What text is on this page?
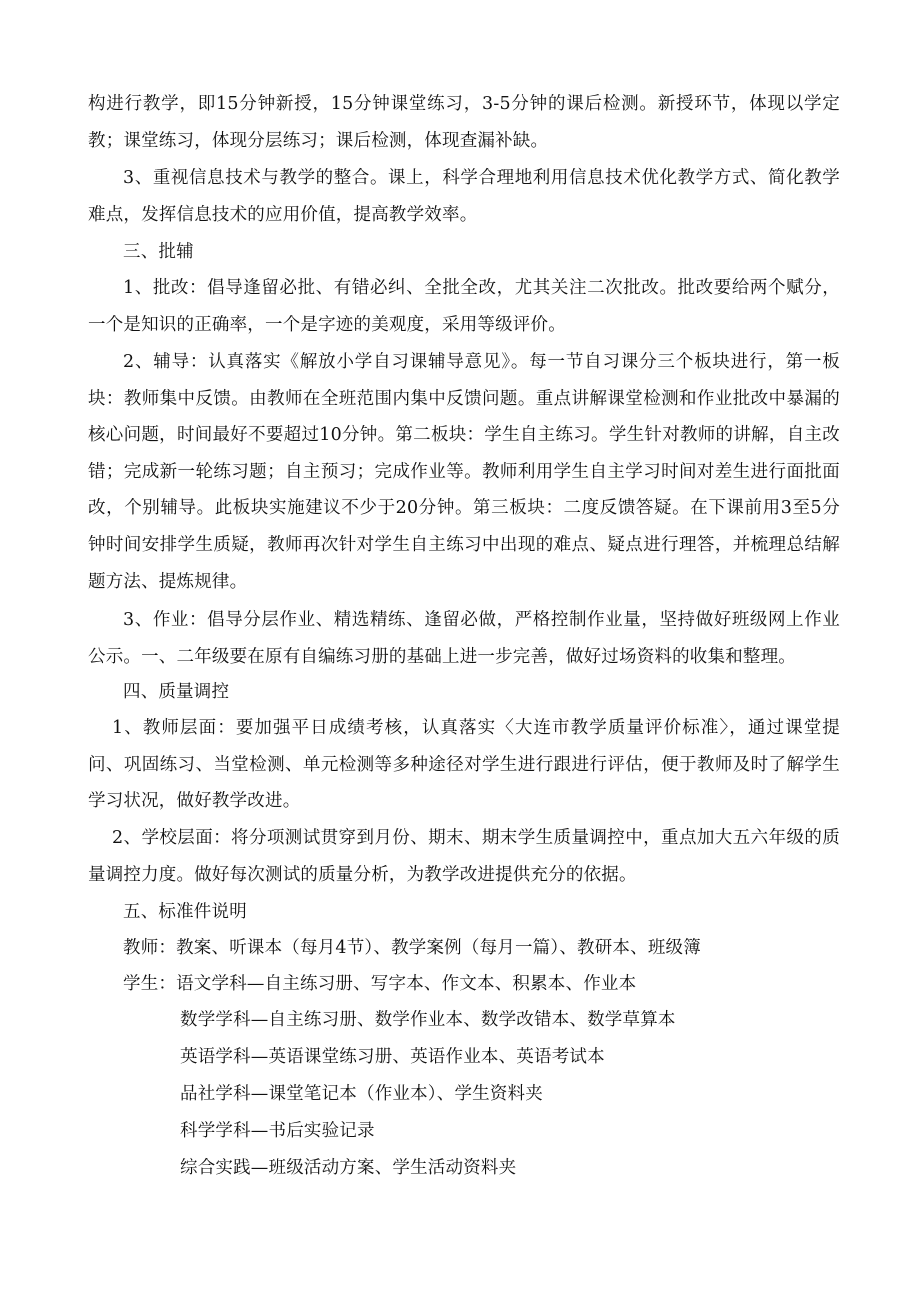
构进行教学，即15分钟新授，15分钟课堂练习，3-5分钟的课后检测。新授环节，体现以学定教；课堂练习，体现分层练习；课后检测，体现查漏补缺。

3、重视信息技术与教学的整合。课上，科学合理地利用信息技术优化教学方式、简化教学难点，发挥信息技术的应用价值，提高教学效率。

三、批辅

1、批改：倡导逢留必批、有错必纠、全批全改，尤其关注二次批改。批改要给两个赋分，一个是知识的正确率，一个是字迹的美观度，采用等级评价。

2、辅导：认真落实《解放小学自习课辅导意见》。每一节自习课分三个板块进行，第一板块：教师集中反馈。由教师在全班范围内集中反馈问题。重点讲解课堂检测和作业批改中暴漏的核心问题，时间最好不要超过10分钟。第二板块：学生自主练习。学生针对教师的讲解，自主改错；完成新一轮练习题；自主预习；完成作业等。教师利用学生自主学习时间对差生进行面批面改，个别辅导。此板块实施建议不少于20分钟。第三板块：二度反馈答疑。在下课前用3至5分钟时间安排学生质疑，教师再次针对学生自主练习中出现的难点、疑点进行理答，并梳理总结解题方法、提炼规律。

3、作业：倡导分层作业、精选精练、逢留必做，严格控制作业量，坚持做好班级网上作业公示。一、二年级要在原有自编练习册的基础上进一步完善，做好过场资料的收集和整理。

四、质量调控

1、教师层面：要加强平日成绩考核，认真落实〈大连市教学质量评价标准〉，通过课堂提问、巩固练习、当堂检测、单元检测等多种途径对学生进行跟进行评估，便于教师及时了解学生学习状况，做好教学改进。

2、学校层面：将分项测试贯穿到月份、期末、期末学生质量调控中，重点加大五六年级的质量调控力度。做好每次测试的质量分析，为教学改进提供充分的依据。

五、标准件说明

教师：教案、听课本（每月4节）、教学案例（每月一篇）、教研本、班级簿

学生：语文学科—自主练习册、写字本、作文本、积累本、作业本

数学学科—自主练习册、数学作业本、数学改错本、数学草算本

英语学科—英语课堂练习册、英语作业本、英语考试本

品社学科—课堂笔记本（作业本）、学生资料夹

科学学科—书后实验记录

综合实践—班级活动方案、学生活动资料夹
